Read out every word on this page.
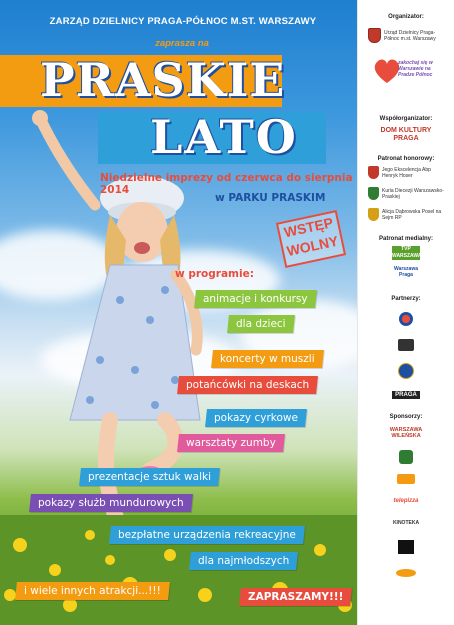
ZARZĄD DZIELNICY PRAGA-PÓŁNOC M.ST. WARSZAWY
zaprasza na
PRASKIE
LATO
Niedzielne imprezy od czerwca do sierpnia 2014
w PARKU PRASKIM
WSTĘP
WOLNY
w programie:
animacje i konkursy
dla dzieci
koncerty w muszli
potańcówki na deskach
pokazy cyrkowe
warsztaty zumby
prezentacje sztuk walki
pokazy służb mundurowych
bezpłatne urządzenia rekreacyjne
dla najmłodszych
i wiele innych atrakcji...!!!	ZAPRASZAMY!!!
Organizator:
Urząd Dzielnicy Praga-Północ m.st. Warszawy
zakochaj się w Warszawie na Pradze Północ
Współorganizator:
DOM KULTURY PRAGA
Patronat honorowy:
Jego Ekscelencja Abp Henryk Hoser
Kuria Diecezji Warszawsko-Praskiej
Alicja Dąbrowska Posel na Sejm RP
Patronat medialny:
TVP WARSZAWA
Warszawa Praga
Partnerzy:
PRAGA
Sponsorzy:
WARSZAWA WILEŃSKA
telepizza
KINOTEKA
